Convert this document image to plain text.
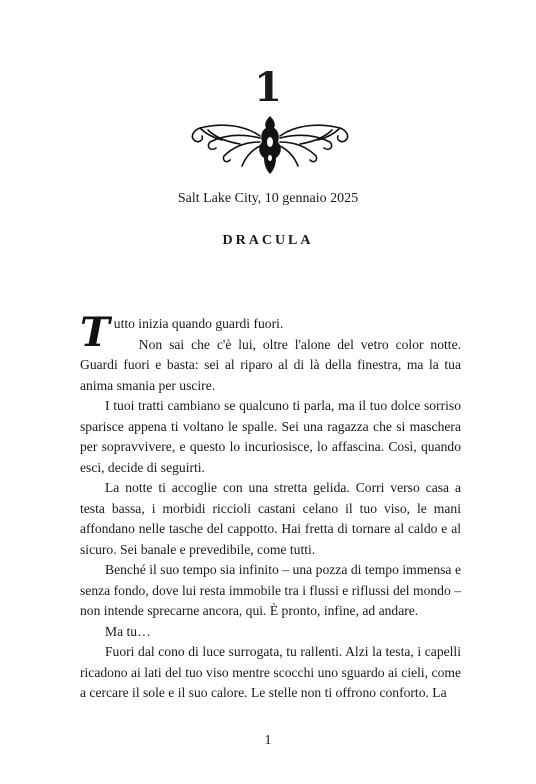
1
Salt Lake City, 10 gennaio 2025
DRACULA

Tutto inizia quando guardi fuori.

Non sai che c'è lui, oltre l'alone del vetro color notte. Guardi fuori e basta: sei al riparo al di là della finestra, ma la tua anima smania per uscire.

I tuoi tratti cambiano se qualcuno ti parla, ma il tuo dolce sorriso sparisce appena ti voltano le spalle. Sei una ragazza che si maschera per sopravvivere, e questo lo incuriosisce, lo affascina. Così, quando esci, decide di seguirti.

La notte ti accoglie con una stretta gelida. Corri verso casa a testa bassa, i morbidi riccioli castani celano il tuo viso, le mani affondano nelle tasche del cappotto. Hai fretta di tornare al caldo e al sicuro. Sei banale e prevedibile, come tutti.

Benché il suo tempo sia infinito – una pozza di tempo immensa e senza fondo, dove lui resta immobile tra i flussi e riflussi del mondo – non intende sprecarne ancora, qui. È pronto, infine, ad andare.

Ma tu…

Fuori dal cono di luce surrogata, tu rallenti. Alzi la testa, i capelli ricadono ai lati del tuo viso mentre scocchi uno sguardo ai cieli, come a cercare il sole e il suo calore. Le stelle non ti offrono conforto. La

1
